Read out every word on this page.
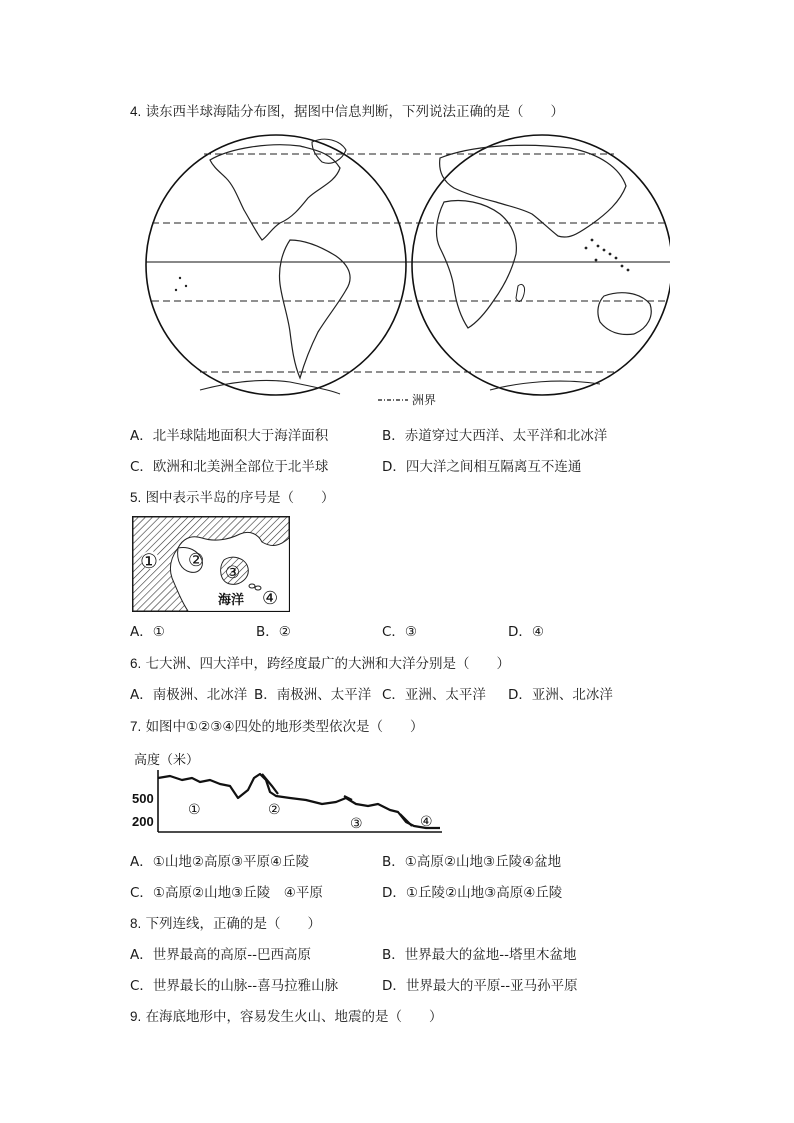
4. 读东西半球海陆分布图，据图中信息判断，下列说法正确的是（　　）
洲界
A．北半球陆地面积大于海洋面积	B．赤道穿过大西洋、太平洋和北冰洋
C．欧洲和北美洲全部位于北半球	D．四大洋之间相互隔离互不连通
5. 图中表示半岛的序号是（　　）
① ②
③
海洋 ④
A．①	B．②	C．③	D．④
6. 七大洲、四大洋中，跨经度最广的大洲和大洋分别是（　　）
A．南极洲、北冰洋 B．南极洲、太平洋 C．亚洲、太平洋 D．亚洲、北冰洋
7. 如图中①②③④四处的地形类型依次是（　　）
高度（米）
500
200
①	②
③	④
A．①山地②高原③平原④丘陵	B．①高原②山地③丘陵④盆地
C．①高原②山地③丘陵　④平原	D．①丘陵②山地③高原④丘陵
8. 下列连线，正确的是（　　）
A．世界最高的高原--巴西高原	B．世界最大的盆地--塔里木盆地
C．世界最长的山脉--喜马拉雅山脉	D．世界最大的平原--亚马孙平原
9. 在海底地形中，容易发生火山、地震的是（　　）
